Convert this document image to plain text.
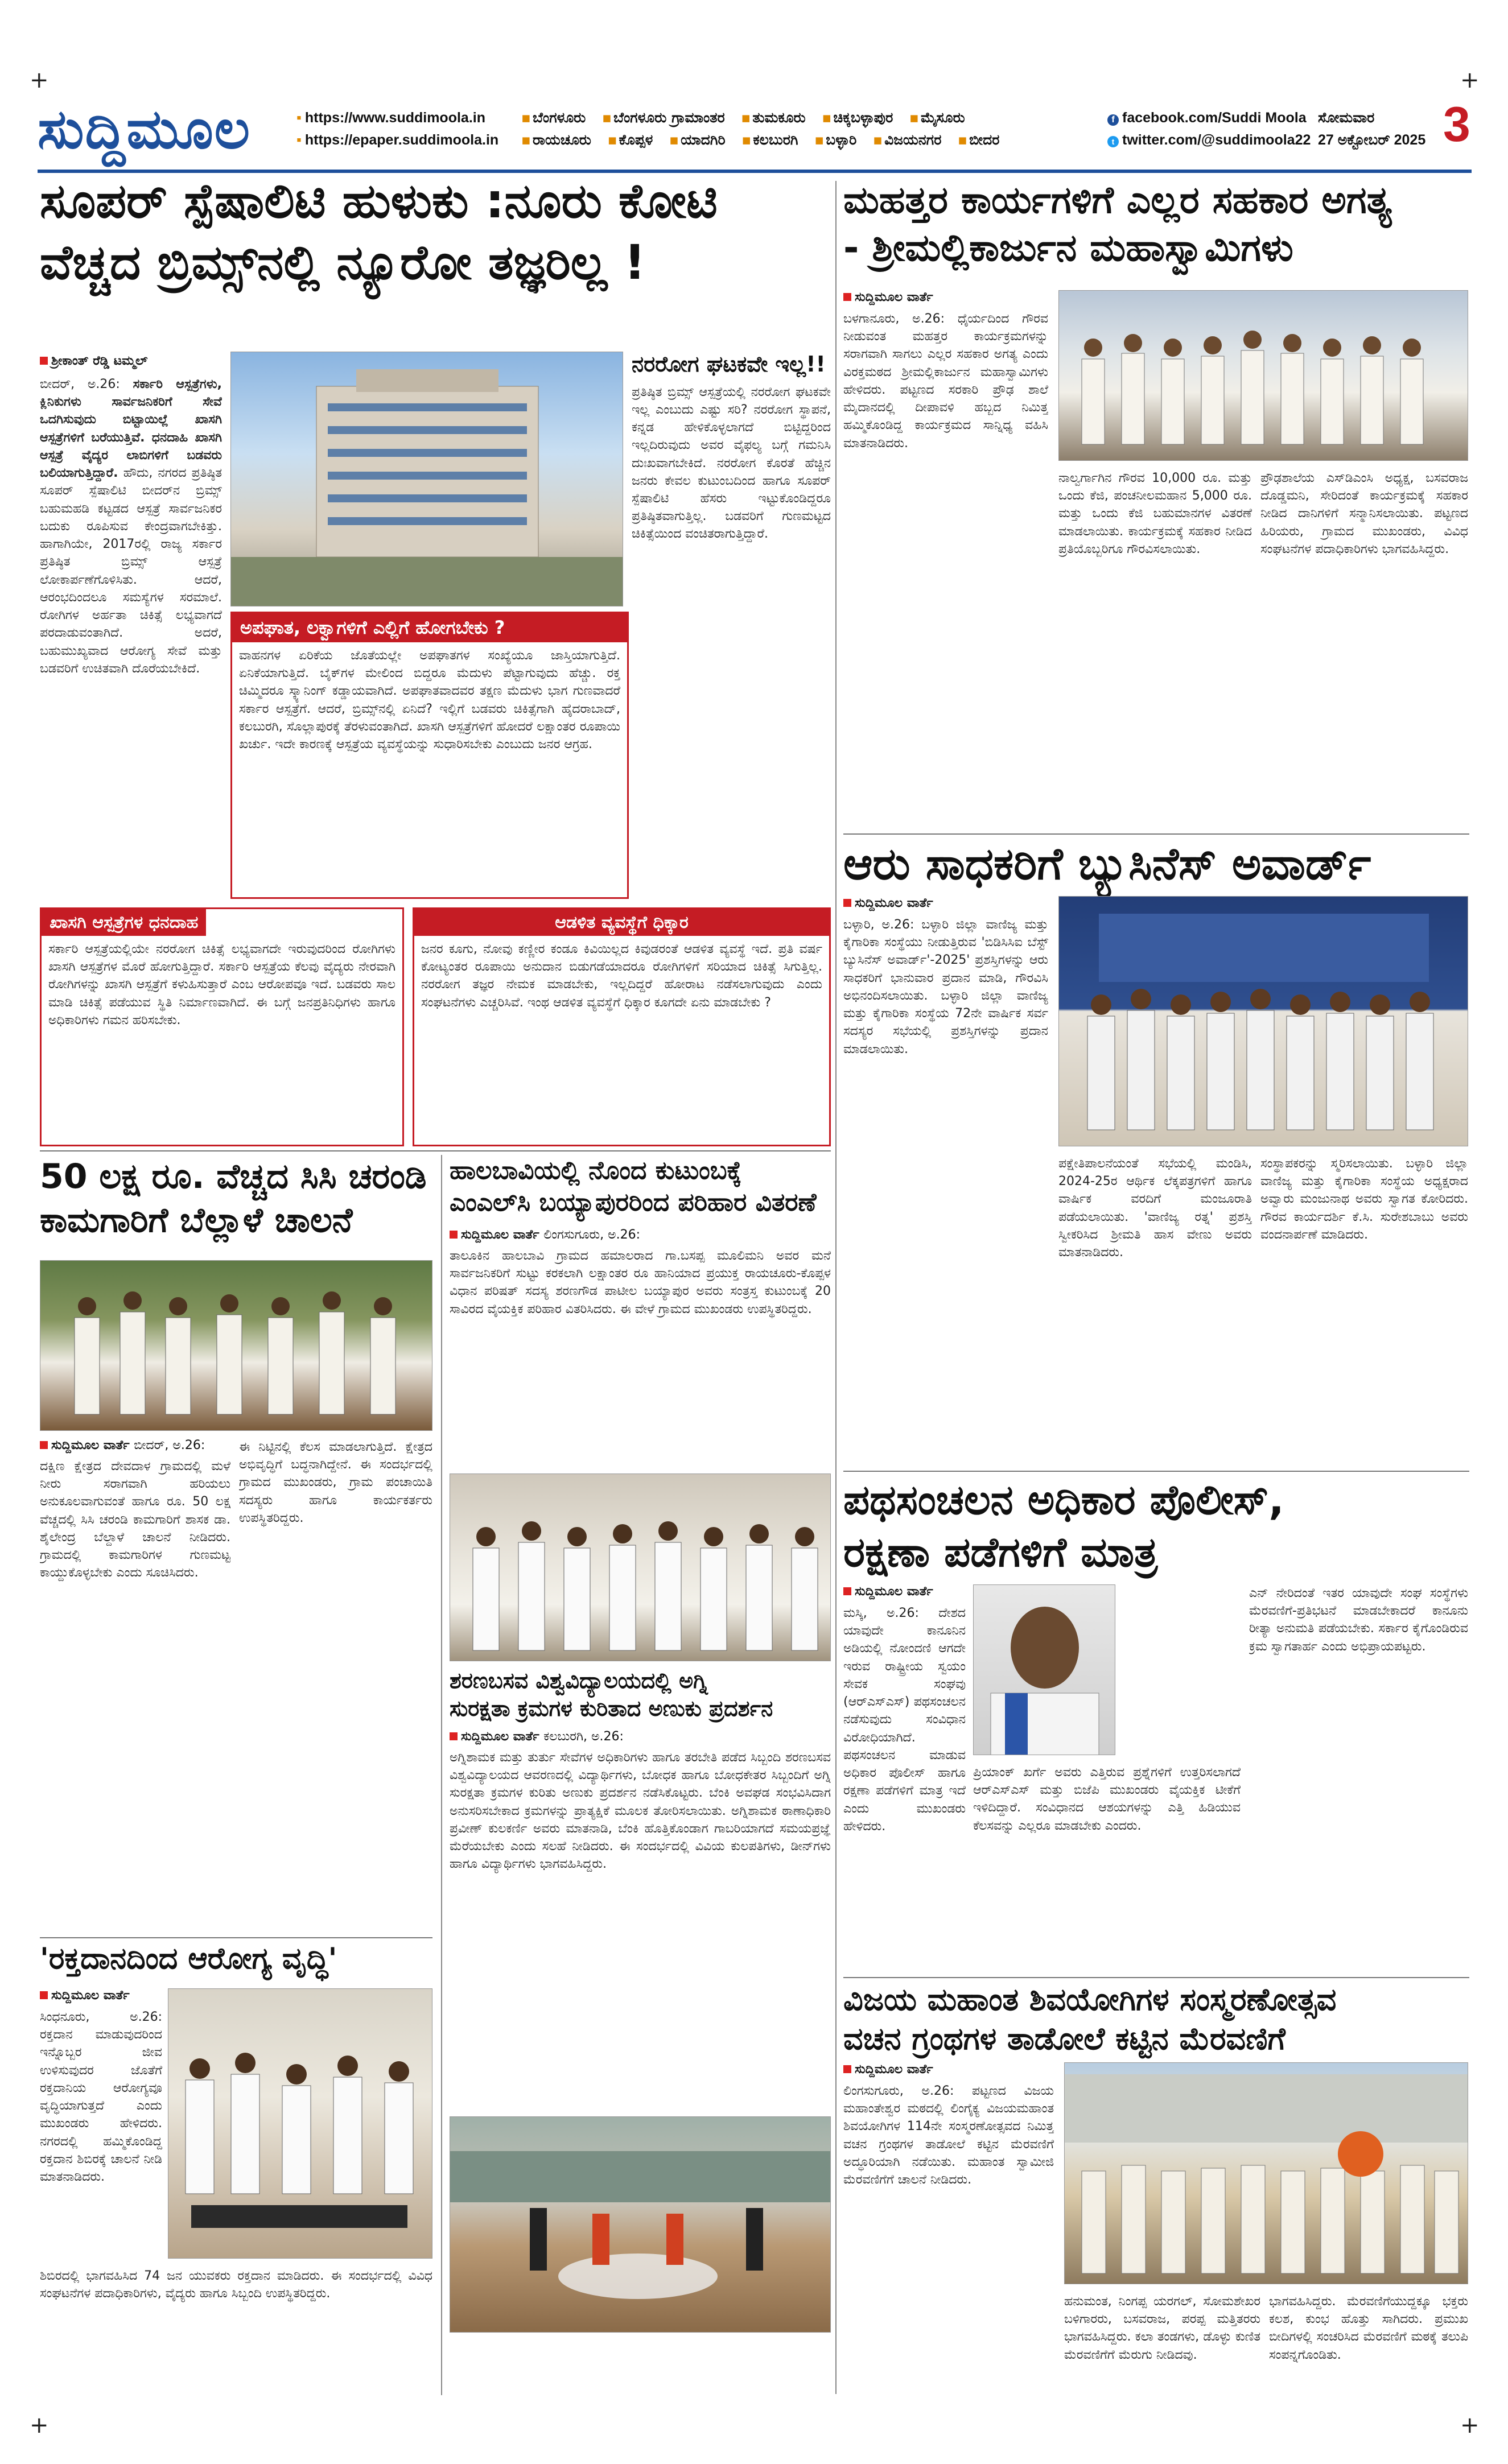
+	+
+	+
ಸುದ್ದಿಮೂಲ	▪ https://www.suddimoola.in
▪ https://epaper.suddimoola.in
▪ ಬೆಂಗಳೂರು ▪ ಬೆಂಗಳೂರು ಗ್ರಾಮಾಂತರ ▪ ತುಮಕೂರು ▪ ಚಿಕ್ಕಬಳ್ಳಾಪುರ ▪ ಮೈಸೂರು
▪ ರಾಯಚೂರು ▪ ಕೊಪ್ಪಳ ▪ ಯಾದಗಿರಿ ▪ ಕಲಬುರಗಿ ▪ ಬಳ್ಳಾರಿ ▪ ವಿಜಯನಗರ ▪ ಬೀದರ
f facebook.com/Suddi Moola
t twitter.com/@suddimoola22
ಸೋಮವಾರ
27 ಅಕ್ಟೋಬರ್ 2025 3
ಸೂಪರ್ ಸ್ಪೆಷಾಲಿಟಿ ಹುಳುಕು :ನೂರು ಕೋಟಿ
ವೆಚ್ಚದ ಬ್ರಿಮ್ಸ್‌ನಲ್ಲಿ ನ್ಯೂರೋ ತಜ್ಞರಿಲ್ಲ !
ಶ್ರೀಕಾಂತ್ ರೆಡ್ಡಿ ಟಮ್ಮಲ್
ಬೀದರ್, ಅ.26: ಸರ್ಕಾರಿ ಆಸ್ಪತ್ರೆಗಳು, ಕ್ಲಿನಿಕುಗಳು ಸಾರ್ವಜನಿಕರಿಗೆ ಸೇವೆ ಒದಗಿಸುವುದು ಬಿಟ್ಟಾಯಿಲ್ಲೆ ಖಾಸಗಿ ಆಸ್ಪತ್ರೆಗಳಿಗೆ ಬರೆಯುತ್ತಿವೆ. ಧನದಾಹಿ ಖಾಸಗಿ ಆಸ್ಪತ್ರೆ ವೈದ್ಯರ ಲಾಬಿಗಳಿಗೆ ಬಡವರು ಬಲಿಯಾಗುತ್ತಿದ್ದಾರೆ. ಹೌದು, ನಗರದ ಪ್ರತಿಷ್ಠಿತ ಸೂಪರ್ ಸ್ಪೆಷಾಲಿಟಿ ಬೀದರ್‌ನ ಬ್ರಿಮ್ಸ್ ಬಹುಮಹಡಿ ಕಟ್ಟಡದ ಆಸ್ಪತ್ರೆ ಸಾರ್ವಜನಿಕರ ಬದುಕು ರೂಪಿಸುವ ಕೇಂದ್ರವಾಗಬೇಕಿತ್ತು. ಹಾಗಾಗಿಯೇ, 2017ರಲ್ಲಿ ರಾಜ್ಯ ಸರ್ಕಾರ ಪ್ರತಿಷ್ಠಿತ ಬ್ರಿಮ್ಸ್ ಆಸ್ಪತ್ರೆ ಲೋಕಾರ್ಪಣೆಗೊಳಿಸಿತು. ಆದರೆ, ಆರಂಭದಿಂದಲೂ ಸಮಸ್ಯೆಗಳ ಸರಮಾಲೆ. ರೋಗಿಗಳ ಅರ್ಹತಾ ಚಿಕಿತ್ಸೆ ಲಭ್ಯವಾಗದೆ ಪರದಾಡುವಂತಾಗಿದೆ. ಅದರೆ, ಬಹುಮುಖ್ಯವಾದ ಆರೋಗ್ಯ ಸೇವೆ ಮತ್ತು ಬಡವರಿಗೆ ಉಚಿತವಾಗಿ ದೊರೆಯಬೇಕಿದೆ.
ನರರೋಗ ಘಟಕವೇ ಇಲ್ಲ!!
ಪ್ರತಿಷ್ಠಿತ ಬ್ರಿಮ್ಸ್ ಆಸ್ಪತ್ರೆಯಲ್ಲಿ ನರರೋಗ ಘಟಕವೇ ಇಲ್ಲ ಎಂಬುದು ಎಷ್ಟು ಸರಿ? ನರರೋಗ ಸ್ಥಾಪನೆ, ಕನ್ನಡ ಹೇಳಿಕೊಳ್ಳಲಾಗದೆ ಬಿಟ್ಟಿದ್ದರಿಂದ ಇಲ್ಲದಿರುವುದು ಅವರ ವೈಫಲ್ಯ ಬಗ್ಗೆ ಗಮನಿಸಿ ದುಃಖವಾಗಬೇಕಿದೆ. ನರರೋಗ ಕೊರತೆ ಹೆಚ್ಚಿನ ಜನರು ಕೇವಲ ಕುಟುಂಬದಿಂದ ಹಾಗೂ ಸೂಪರ್ ಸ್ಪೆಷಾಲಿಟಿ ಹೆಸರು ಇಟ್ಟುಕೊಂಡಿದ್ದರೂ ಪ್ರತಿಷ್ಠಿತವಾಗುತ್ತಿಲ್ಲ. ಬಡವರಿಗೆ ಗುಣಮಟ್ಟದ ಚಿಕಿತ್ಸೆಯಿಂದ ವಂಚಿತರಾಗುತ್ತಿದ್ದಾರೆ.
ಅಪಘಾತ, ಲಕ್ವಾಗಳಿಗೆ ಎಲ್ಲಿಗೆ ಹೋಗಬೇಕು ?
ವಾಹನಗಳ ಏರಿಕೆಯ ಜೊತೆಯಲ್ಲೇ ಅಪಘಾತಗಳ ಸಂಖ್ಯೆಯೂ ಜಾಸ್ತಿಯಾಗುತ್ತಿದೆ. ಏನಿಕೆಯಾಗುತ್ತಿದೆ. ಬೈಕ್‌ಗಳ ಮೇಲಿಂದ ಬಿದ್ದರೂ ಮೆದುಳು ಪೆಟ್ಟಾಗುವುದು ಹೆಚ್ಚು. ರಕ್ತ ಚಿಮ್ಮಿದರೂ ಸ್ಕ್ಯಾನಿಂಗ್ ಕಡ್ಡಾಯವಾಗಿದೆ. ಅಪಘಾತವಾದವರ ತಕ್ಷಣ ಮೆದುಳು ಭಾಗ ಗುಣವಾದರೆ ಸರ್ಕಾರ ಆಸ್ಪತ್ರೆಗೆ. ಆದರೆ, ಬ್ರಿಮ್ಸ್‌ನಲ್ಲಿ ಏನಿದೆ? ಇಲ್ಲಿಗೆ ಬಡವರು ಚಿಕಿತ್ಸೆಗಾಗಿ ಹೈದರಾಬಾದ್, ಕಲಬುರಗಿ, ಸೊಲ್ಲಾಪುರಕ್ಕೆ ತೆರಳುವಂತಾಗಿದೆ. ಖಾಸಗಿ ಆಸ್ಪತ್ರೆಗಳಿಗೆ ಹೋದರೆ ಲಕ್ಷಾಂತರ ರೂಪಾಯಿ ಖರ್ಚು. ಇದೇ ಕಾರಣಕ್ಕೆ ಆಸ್ಪತ್ರೆಯ ವ್ಯವಸ್ಥೆಯನ್ನು ಸುಧಾರಿಸಬೇಕು ಎಂಬುದು ಜನರ ಆಗ್ರಹ.
ಖಾಸಗಿ ಆಸ್ಪತ್ರೆಗಳ ಧನದಾಹ
ಸರ್ಕಾರಿ ಆಸ್ಪತ್ರೆಯಲ್ಲಿಯೇ ನರರೋಗ ಚಿಕಿತ್ಸೆ ಲಭ್ಯವಾಗದೇ ಇರುವುದರಿಂದ ರೋಗಿಗಳು ಖಾಸಗಿ ಆಸ್ಪತ್ರೆಗಳ ಮೊರೆ ಹೋಗುತ್ತಿದ್ದಾರೆ. ಸರ್ಕಾರಿ ಆಸ್ಪತ್ರೆಯ ಕೆಲವು ವೈದ್ಯರು ನೇರವಾಗಿ ರೋಗಿಗಳನ್ನು ಖಾಸಗಿ ಆಸ್ಪತ್ರೆಗೆ ಕಳುಹಿಸುತ್ತಾರೆ ಎಂಬ ಆರೋಪವೂ ಇದೆ. ಬಡವರು ಸಾಲ ಮಾಡಿ ಚಿಕಿತ್ಸೆ ಪಡೆಯುವ ಸ್ಥಿತಿ ನಿರ್ಮಾಣವಾಗಿದೆ. ಈ ಬಗ್ಗೆ ಜನಪ್ರತಿನಿಧಿಗಳು ಹಾಗೂ ಅಧಿಕಾರಿಗಳು ಗಮನ ಹರಿಸಬೇಕು.
ಆಡಳಿತ ವ್ಯವಸ್ಥೆಗೆ ಧಿಕ್ಕಾರ
ಜನರ ಕೂಗು, ನೋವು ಕಣ್ಣೀರ ಕಂಡೂ ಕಿವಿಯಿಲ್ಲದ ಕಿವುಡರಂತೆ ಆಡಳಿತ ವ್ಯವಸ್ಥೆ ಇದೆ. ಪ್ರತಿ ವರ್ಷ ಕೋಟ್ಯಂತರ ರೂಪಾಯಿ ಅನುದಾನ ಬಿಡುಗಡೆಯಾದರೂ ರೋಗಿಗಳಿಗೆ ಸರಿಯಾದ ಚಿಕಿತ್ಸೆ ಸಿಗುತ್ತಿಲ್ಲ. ನರರೋಗ ತಜ್ಞರ ನೇಮಕ ಮಾಡಬೇಕು, ಇಲ್ಲದಿದ್ದರೆ ಹೋರಾಟ ನಡೆಸಲಾಗುವುದು ಎಂದು ಸಂಘಟನೆಗಳು ಎಚ್ಚರಿಸಿವೆ. ಇಂಥ ಆಡಳಿತ ವ್ಯವಸ್ಥೆಗೆ ಧಿಕ್ಕಾರ ಕೂಗದೇ ಏನು ಮಾಡಬೇಕು ?
ಮಹತ್ತರ ಕಾರ್ಯಗಳಿಗೆ ಎಲ್ಲರ ಸಹಕಾರ ಅಗತ್ಯ
- ಶ್ರೀಮಲ್ಲಿಕಾರ್ಜುನ ಮಹಾಸ್ವಾಮಿಗಳು
ಸುದ್ದಿಮೂಲ ವಾರ್ತೆ
ಬಳಗಾನೂರು, ಅ.26: ಧೈರ್ಯದಿಂದ ಗೌರವ ನೀಡುವಂತ ಮಹತ್ತರ ಕಾರ್ಯಕ್ರಮಗಳನ್ನು ಸರಾಗವಾಗಿ ಸಾಗಲು ಎಲ್ಲರ ಸಹಕಾರ ಅಗತ್ಯ ಎಂದು ವಿರಕ್ತಮಠದ ಶ್ರೀಮಲ್ಲಿಕಾರ್ಜುನ ಮಹಾಸ್ವಾಮಿಗಳು ಹೇಳಿದರು. ಪಟ್ಟಣದ ಸರಕಾರಿ ಪ್ರೌಢ ಶಾಲೆ ಮೈದಾನದಲ್ಲಿ ದೀಪಾವಳಿ ಹಬ್ಬದ ನಿಮಿತ್ತ ಹಮ್ಮಿಕೊಂಡಿದ್ದ ಕಾರ್ಯಕ್ರಮದ ಸಾನ್ನಿಧ್ಯ ವಹಿಸಿ ಮಾತನಾಡಿದರು.
ನಾಲ್ವರ್ಗಾಗಿನ ಗೌರವ 10,000 ರೂ. ಮತ್ತು ಒಂದು ಕೆಜಿ, ಪಂಚನೀಲಮಹಾನ 5,000 ರೂ. ಮತ್ತು ಒಂದು ಕೆಜಿ ಬಹುಮಾನಗಳ ವಿತರಣೆ ಮಾಡಲಾಯಿತು. ಕಾರ್ಯಕ್ರಮಕ್ಕೆ ಸಹಕಾರ ನೀಡಿದ ಪ್ರತಿಯೊಬ್ಬರಿಗೂ ಗೌರವಿಸಲಾಯಿತು.
ಪ್ರೌಢಶಾಲೆಯ ಎಸ್‌ಡಿಎಂಸಿ ಅಧ್ಯಕ್ಷ, ಬಸವರಾಜ ದೊಡ್ಡಮನಿ, ಸೇರಿದಂತೆ ಕಾರ್ಯಕ್ರಮಕ್ಕೆ ಸಹಕಾರ ನೀಡಿದ ದಾನಿಗಳಿಗೆ ಸನ್ಮಾನಿಸಲಾಯಿತು. ಪಟ್ಟಣದ ಹಿರಿಯರು, ಗ್ರಾಮದ ಮುಖಂಡರು, ವಿವಿಧ ಸಂಘಟನೆಗಳ ಪದಾಧಿಕಾರಿಗಳು ಭಾಗವಹಿಸಿದ್ದರು.
ಆರು ಸಾಧಕರಿಗೆ ಬ್ಯುಸಿನೆಸ್ ಅವಾರ್ಡ್
ಸುದ್ದಿಮೂಲ ವಾರ್ತೆ
ಬಳ್ಳಾರಿ, ಅ.26: ಬಳ್ಳಾರಿ ಜಿಲ್ಲಾ ವಾಣಿಜ್ಯ ಮತ್ತು ಕೈಗಾರಿಕಾ ಸಂಸ್ಥೆಯು ನೀಡುತ್ತಿರುವ 'ಬಿಡಿಸಿಸಿಐ ಬೆಸ್ಟ್ ಬ್ಯುಸಿನೆಸ್ ಅವಾರ್ಡ್'-2025' ಪ್ರಶಸ್ತಿಗಳನ್ನು ಆರು ಸಾಧಕರಿಗೆ ಭಾನುವಾರ ಪ್ರದಾನ ಮಾಡಿ, ಗೌರವಿಸಿ ಅಭಿನಂದಿಸಲಾಯಿತು. ಬಳ್ಳಾರಿ ಜಿಲ್ಲಾ ವಾಣಿಜ್ಯ ಮತ್ತು ಕೈಗಾರಿಕಾ ಸಂಸ್ಥೆಯ 72ನೇ ವಾರ್ಷಿಕ ಸರ್ವ ಸದಸ್ಯರ ಸಭೆಯಲ್ಲಿ ಪ್ರಶಸ್ತಿಗಳನ್ನು ಪ್ರದಾನ ಮಾಡಲಾಯಿತು.
ಪಕ್ಷೇತಿಪಾಲನೆಯಂತೆ ಸಭೆಯಲ್ಲಿ ಮಂಡಿಸಿ, 2024-25ರ ಆರ್ಥಿಕ ಲೆಕ್ಕಪತ್ರಗಳಿಗೆ ಹಾಗೂ ವಾರ್ಷಿಕ ವರದಿಗೆ ಮಂಜೂರಾತಿ ಪಡೆಯಲಾಯಿತು. 'ವಾಣಿಜ್ಯ ರತ್ನ' ಪ್ರಶಸ್ತಿ ಸ್ವೀಕರಿಸಿದ ಶ್ರೀಮತಿ ಹಾಸ ವೇಣು ಅವರು ಮಾತನಾಡಿದರು.
ಸಂಸ್ಥಾಪಕರನ್ನು ಸ್ಮರಿಸಲಾಯಿತು. ಬಳ್ಳಾರಿ ಜಿಲ್ಲಾ ವಾಣಿಜ್ಯ ಮತ್ತು ಕೈಗಾರಿಕಾ ಸಂಸ್ಥೆಯ ಅಧ್ಯಕ್ಷರಾದ ಅವ್ವಾರು ಮಂಜುನಾಥ ಅವರು ಸ್ವಾಗತ ಕೋರಿದರು. ಗೌರವ ಕಾರ್ಯದರ್ಶಿ ಕೆ.ಸಿ. ಸುರೇಶಬಾಬು ಅವರು ವಂದನಾರ್ಪಣೆ ಮಾಡಿದರು.
50 ಲಕ್ಷ ರೂ. ವೆಚ್ಚದ ಸಿಸಿ ಚರಂಡಿ
ಕಾಮಗಾರಿಗೆ ಬೆಲ್ಲಾಳೆ ಚಾಲನೆ
ಸುದ್ದಿಮೂಲ ವಾರ್ತೆ ಬೀದರ್, ಅ.26:
ದಕ್ಷಿಣ ಕ್ಷೇತ್ರದ ದೇವದಾಳ ಗ್ರಾಮದಲ್ಲಿ ಮಳೆ ನೀರು ಸರಾಗವಾಗಿ ಹರಿಯಲು ಅನುಕೂಲವಾಗುವಂತೆ ಹಾಗೂ ರೂ. 50 ಲಕ್ಷ ವೆಚ್ಚದಲ್ಲಿ ಸಿಸಿ ಚರಂಡಿ ಕಾಮಗಾರಿಗೆ ಶಾಸಕ ಡಾ. ಶೈಲೇಂದ್ರ ಬೆಲ್ದಾಳೆ ಚಾಲನೆ ನೀಡಿದರು. ಗ್ರಾಮದಲ್ಲಿ ಕಾಮಗಾರಿಗಳ ಗುಣಮಟ್ಟ ಕಾಯ್ದುಕೊಳ್ಳಬೇಕು ಎಂದು ಸೂಚಿಸಿದರು.
ಈ ನಿಟ್ಟಿನಲ್ಲಿ ಕೆಲಸ ಮಾಡಲಾಗುತ್ತಿದೆ. ಕ್ಷೇತ್ರದ ಅಭಿವೃದ್ಧಿಗೆ ಬದ್ಧನಾಗಿದ್ದೇನೆ. ಈ ಸಂದರ್ಭದಲ್ಲಿ ಗ್ರಾಮದ ಮುಖಂಡರು, ಗ್ರಾಮ ಪಂಚಾಯಿತಿ ಸದಸ್ಯರು ಹಾಗೂ ಕಾರ್ಯಕರ್ತರು ಉಪಸ್ಥಿತರಿದ್ದರು.
ಹಾಲಬಾವಿಯಲ್ಲಿ ನೊಂದ ಕುಟುಂಬಕ್ಕೆ
ಎಂಎಲ್‌ಸಿ ಬಯ್ಯಾಪುರರಿಂದ ಪರಿಹಾರ ವಿತರಣೆ
ಸುದ್ದಿಮೂಲ ವಾರ್ತೆ ಲಿಂಗಸುಗೂರು, ಅ.26:
ತಾಲೂಕಿನ ಹಾಲಬಾವಿ ಗ್ರಾಮದ ಹಮಾಲರಾದ ಗಾ.ಬಸಪ್ಪ ಮೂಲಿಮನಿ ಅವರ ಮನೆ ಸಾರ್ವಜನಿಕರಿಗೆ ಸುಟ್ಟು ಕರಕಲಾಗಿ ಲಕ್ಷಾಂತರ ರೂ ಹಾನಿಯಾದ ಪ್ರಯುಕ್ತ ರಾಯಚೂರು-ಕೊಪ್ಪಳ ವಿಧಾನ ಪರಿಷತ್ ಸದಸ್ಯ ಶರಣಗೌಡ ಪಾಟೀಲ ಬಯ್ಯಾಪುರ ಅವರು ಸಂತ್ರಸ್ತ ಕುಟುಂಬಕ್ಕೆ 20 ಸಾವಿರದ ವೈಯಕ್ತಿಕ ಪರಿಹಾರ ವಿತರಿಸಿದರು. ಈ ವೇಳೆ ಗ್ರಾಮದ ಮುಖಂಡರು ಉಪಸ್ಥಿತರಿದ್ದರು.
ಶರಣಬಸವ ವಿಶ್ವವಿದ್ಯಾಲಯದಲ್ಲಿ ಅಗ್ನಿ
ಸುರಕ್ಷತಾ ಕ್ರಮಗಳ ಕುರಿತಾದ ಅಣುಕು ಪ್ರದರ್ಶನ
ಸುದ್ದಿಮೂಲ ವಾರ್ತೆ ಕಲಬುರಗಿ, ಅ.26:
ಅಗ್ನಿಶಾಮಕ ಮತ್ತು ತುರ್ತು ಸೇವೆಗಳ ಅಧಿಕಾರಿಗಳು ಹಾಗೂ ತರಬೇತಿ ಪಡೆದ ಸಿಬ್ಬಂದಿ ಶರಣಬಸವ ವಿಶ್ವವಿದ್ಯಾಲಯದ ಆವರಣದಲ್ಲಿ ವಿದ್ಯಾರ್ಥಿಗಳು, ಬೋಧಕ ಹಾಗೂ ಬೋಧಕೇತರ ಸಿಬ್ಬಂದಿಗೆ ಅಗ್ನಿ ಸುರಕ್ಷತಾ ಕ್ರಮಗಳ ಕುರಿತು ಅಣುಕು ಪ್ರದರ್ಶನ ನಡೆಸಿಕೊಟ್ಟರು. ಬೆಂಕಿ ಅವಘಡ ಸಂಭವಿಸಿದಾಗ ಅನುಸರಿಸಬೇಕಾದ ಕ್ರಮಗಳನ್ನು ಪ್ರಾತ್ಯಕ್ಷಿಕೆ ಮೂಲಕ ತೋರಿಸಲಾಯಿತು. ಅಗ್ನಿಶಾಮಕ ಠಾಣಾಧಿಕಾರಿ ಪ್ರವೀಣ್ ಕುಲಕರ್ಣಿ ಅವರು ಮಾತನಾಡಿ, ಬೆಂಕಿ ಹೊತ್ತಿಕೊಂಡಾಗ ಗಾಬರಿಯಾಗದೆ ಸಮಯಪ್ರಜ್ಞೆ ಮೆರೆಯಬೇಕು ಎಂದು ಸಲಹೆ ನೀಡಿದರು. ಈ ಸಂದರ್ಭದಲ್ಲಿ ವಿವಿಯ ಕುಲಪತಿಗಳು, ಡೀನ್‌ಗಳು ಹಾಗೂ ವಿದ್ಯಾರ್ಥಿಗಳು ಭಾಗವಹಿಸಿದ್ದರು.
'ರಕ್ತದಾನದಿಂದ ಆರೋಗ್ಯ ವೃದ್ಧಿ'
ಸುದ್ದಿಮೂಲ ವಾರ್ತೆ
ಸಿಂಧನೂರು, ಅ.26: ರಕ್ತದಾನ ಮಾಡುವುದರಿಂದ ಇನ್ನೊಬ್ಬರ ಜೀವ ಉಳಿಸುವುದರ ಜೊತೆಗೆ ರಕ್ತದಾನಿಯ ಆರೋಗ್ಯವೂ ವೃದ್ಧಿಯಾಗುತ್ತದೆ ಎಂದು ಮುಖಂಡರು ಹೇಳಿದರು. ನಗರದಲ್ಲಿ ಹಮ್ಮಿಕೊಂಡಿದ್ದ ರಕ್ತದಾನ ಶಿಬಿರಕ್ಕೆ ಚಾಲನೆ ನೀಡಿ ಮಾತನಾಡಿದರು.
ಶಿಬಿರದಲ್ಲಿ ಭಾಗವಹಿಸಿದ 74 ಜನ ಯುವಕರು ರಕ್ತದಾನ ಮಾಡಿದರು. ಈ ಸಂದರ್ಭದಲ್ಲಿ ವಿವಿಧ ಸಂಘಟನೆಗಳ ಪದಾಧಿಕಾರಿಗಳು, ವೈದ್ಯರು ಹಾಗೂ ಸಿಬ್ಬಂದಿ ಉಪಸ್ಥಿತರಿದ್ದರು.
ಪಥಸಂಚಲನ ಅಧಿಕಾರ ಪೊಲೀಸ್,
ರಕ್ಷಣಾ ಪಡೆಗಳಿಗೆ ಮಾತ್ರ
ಸುದ್ದಿಮೂಲ ವಾರ್ತೆ
ಮಸ್ಕಿ, ಅ.26: ದೇಶದ ಯಾವುದೇ ಕಾನೂನಿನ ಅಡಿಯಲ್ಲಿ ನೋಂದಣಿ ಆಗದೇ ಇರುವ ರಾಷ್ಟ್ರೀಯ ಸ್ವಯಂ ಸೇವಕ ಸಂಘವು (ಆರ್‌ಎಸ್‌ಎಸ್) ಪಥಸಂಚಲನ ನಡೆಸುವುದು ಸಂವಿಧಾನ ವಿರೋಧಿಯಾಗಿದೆ. ಪಥಸಂಚಲನ ಮಾಡುವ ಅಧಿಕಾರ ಪೊಲೀಸ್ ಹಾಗೂ ರಕ್ಷಣಾ ಪಡೆಗಳಿಗೆ ಮಾತ್ರ ಇದೆ ಎಂದು ಮುಖಂಡರು ಹೇಳಿದರು.
ಪ್ರಿಯಾಂಕ್ ಖರ್ಗೆ ಅವರು ಎತ್ತಿರುವ ಪ್ರಶ್ನೆಗಳಿಗೆ ಉತ್ತರಿಸಲಾಗದೆ ಆರ್‌ಎಸ್‌ಎಸ್ ಮತ್ತು ಬಿಜೆಪಿ ಮುಖಂಡರು ವೈಯಕ್ತಿಕ ಟೀಕೆಗೆ ಇಳಿದಿದ್ದಾರೆ. ಸಂವಿಧಾನದ ಆಶಯಗಳನ್ನು ಎತ್ತಿ ಹಿಡಿಯುವ ಕೆಲಸವನ್ನು ಎಲ್ಲರೂ ಮಾಡಬೇಕು ಎಂದರು.
ಎನ್ ನೇರಿದಂತೆ ಇತರ ಯಾವುದೇ ಸಂಘ ಸಂಸ್ಥೆಗಳು ಮೆರವಣಿಗೆ-ಪ್ರತಿಭಟನೆ ಮಾಡಬೇಕಾದರೆ ಕಾನೂನು ರೀತ್ಯಾ ಅನುಮತಿ ಪಡೆಯಬೇಕು. ಸರ್ಕಾರ ಕೈಗೊಂಡಿರುವ ಕ್ರಮ ಸ್ವಾಗತಾರ್ಹ ಎಂದು ಅಭಿಪ್ರಾಯಪಟ್ಟರು.
ವಿಜಯ ಮಹಾಂತ ಶಿವಯೋಗಿಗಳ ಸಂಸ್ಮರಣೋತ್ಸವ
ವಚನ ಗ್ರಂಥಗಳ ತಾಡೋಲೆ ಕಟ್ಟಿನ ಮೆರವಣಿಗೆ
ಸುದ್ದಿಮೂಲ ವಾರ್ತೆ
ಲಿಂಗಸುಗೂರು, ಅ.26: ಪಟ್ಟಣದ ವಿಜಯ ಮಹಾಂತೇಶ್ವರ ಮಠದಲ್ಲಿ ಲಿಂಗೈಕ್ಯ ವಿಜಯಮಹಾಂತ ಶಿವಯೋಗಿಗಳ 114ನೇ ಸಂಸ್ಮರಣೋತ್ಸವದ ನಿಮಿತ್ತ ವಚನ ಗ್ರಂಥಗಳ ತಾಡೋಲೆ ಕಟ್ಟಿನ ಮೆರವಣಿಗೆ ಅದ್ಧೂರಿಯಾಗಿ ನಡೆಯಿತು. ಮಹಾಂತ ಸ್ವಾಮೀಜಿ ಮೆರವಣಿಗೆಗೆ ಚಾಲನೆ ನೀಡಿದರು.
ಹನುಮಂತ, ನಿಂಗಪ್ಪ ಯರಗಲ್, ಸೋಮಶೇಖರ ಬಳಿಗಾರರು, ಬಸವರಾಜ, ಪರಪ್ಪ ಮತ್ತಿತರರು ಭಾಗವಹಿಸಿದ್ದರು. ಕಲಾ ತಂಡಗಳು, ಡೊಳ್ಳು ಕುಣಿತ ಮೆರವಣಿಗೆಗೆ ಮೆರುಗು ನೀಡಿದವು.
ಭಾಗವಹಿಸಿದ್ದರು. ಮೆರವಣಿಗೆಯುದ್ದಕ್ಕೂ ಭಕ್ತರು ಕಲಶ, ಕುಂಭ ಹೊತ್ತು ಸಾಗಿದರು. ಪ್ರಮುಖ ಬೀದಿಗಳಲ್ಲಿ ಸಂಚರಿಸಿದ ಮೆರವಣಿಗೆ ಮಠಕ್ಕೆ ತಲುಪಿ ಸಂಪನ್ನಗೊಂಡಿತು.
